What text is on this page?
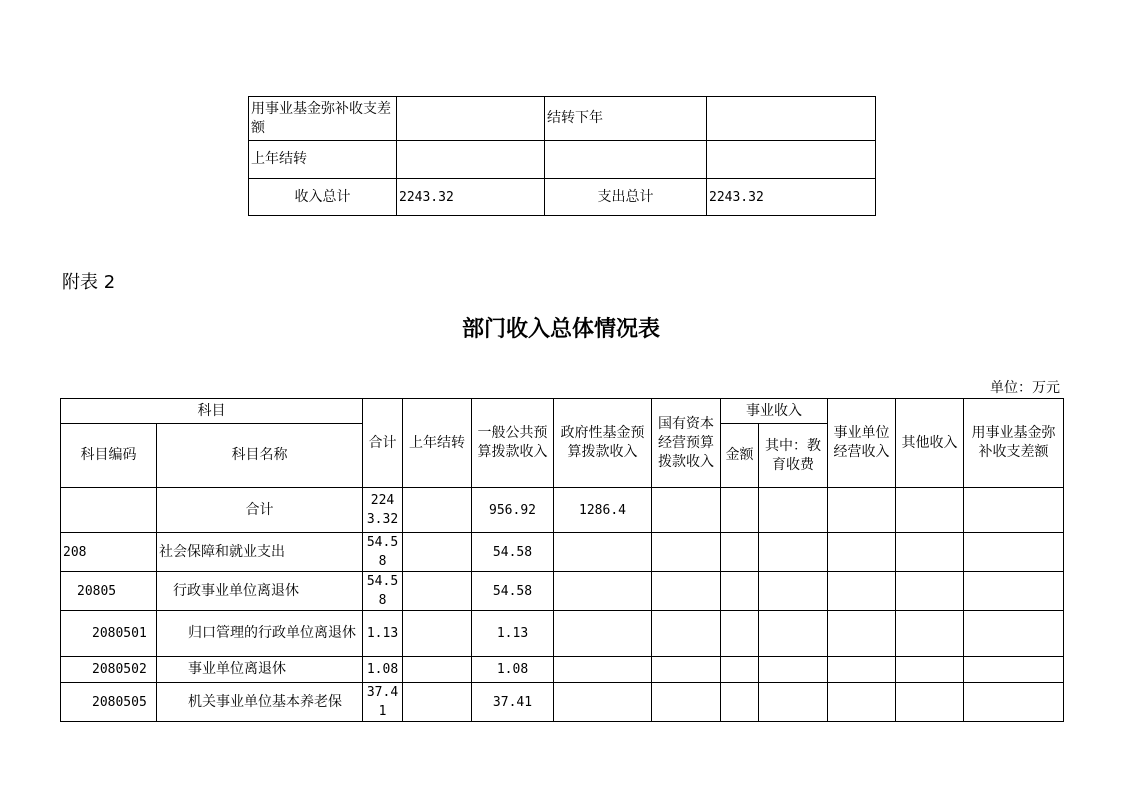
用事业基金弥补收支差额		结转下年	
上年结转			
收入总计	2243.32	支出总计	2243.32
附表 2
部门收入总体情况表
单位：万元
科目		合计	上年结转	一般公共预算拨款收入	政府性基金预算拨款收入	国有资本经营预算拨款收入	事业收入		事业单位经营收入	其他收入	用事业基金弥补收支差额
科目编码	科目名称						金额	其中：教育收费			
	合计	2243.32		956.92	1286.4						
208	社会保障和就业支出	54.58		54.58							
20805	行政事业单位离退休	54.58		54.58							
2080501	归口管理的行政单位离退休	1.13		1.13							
2080502	事业单位离退休	1.08		1.08							
2080505	机关事业单位基本养老保	37.41		37.41							
